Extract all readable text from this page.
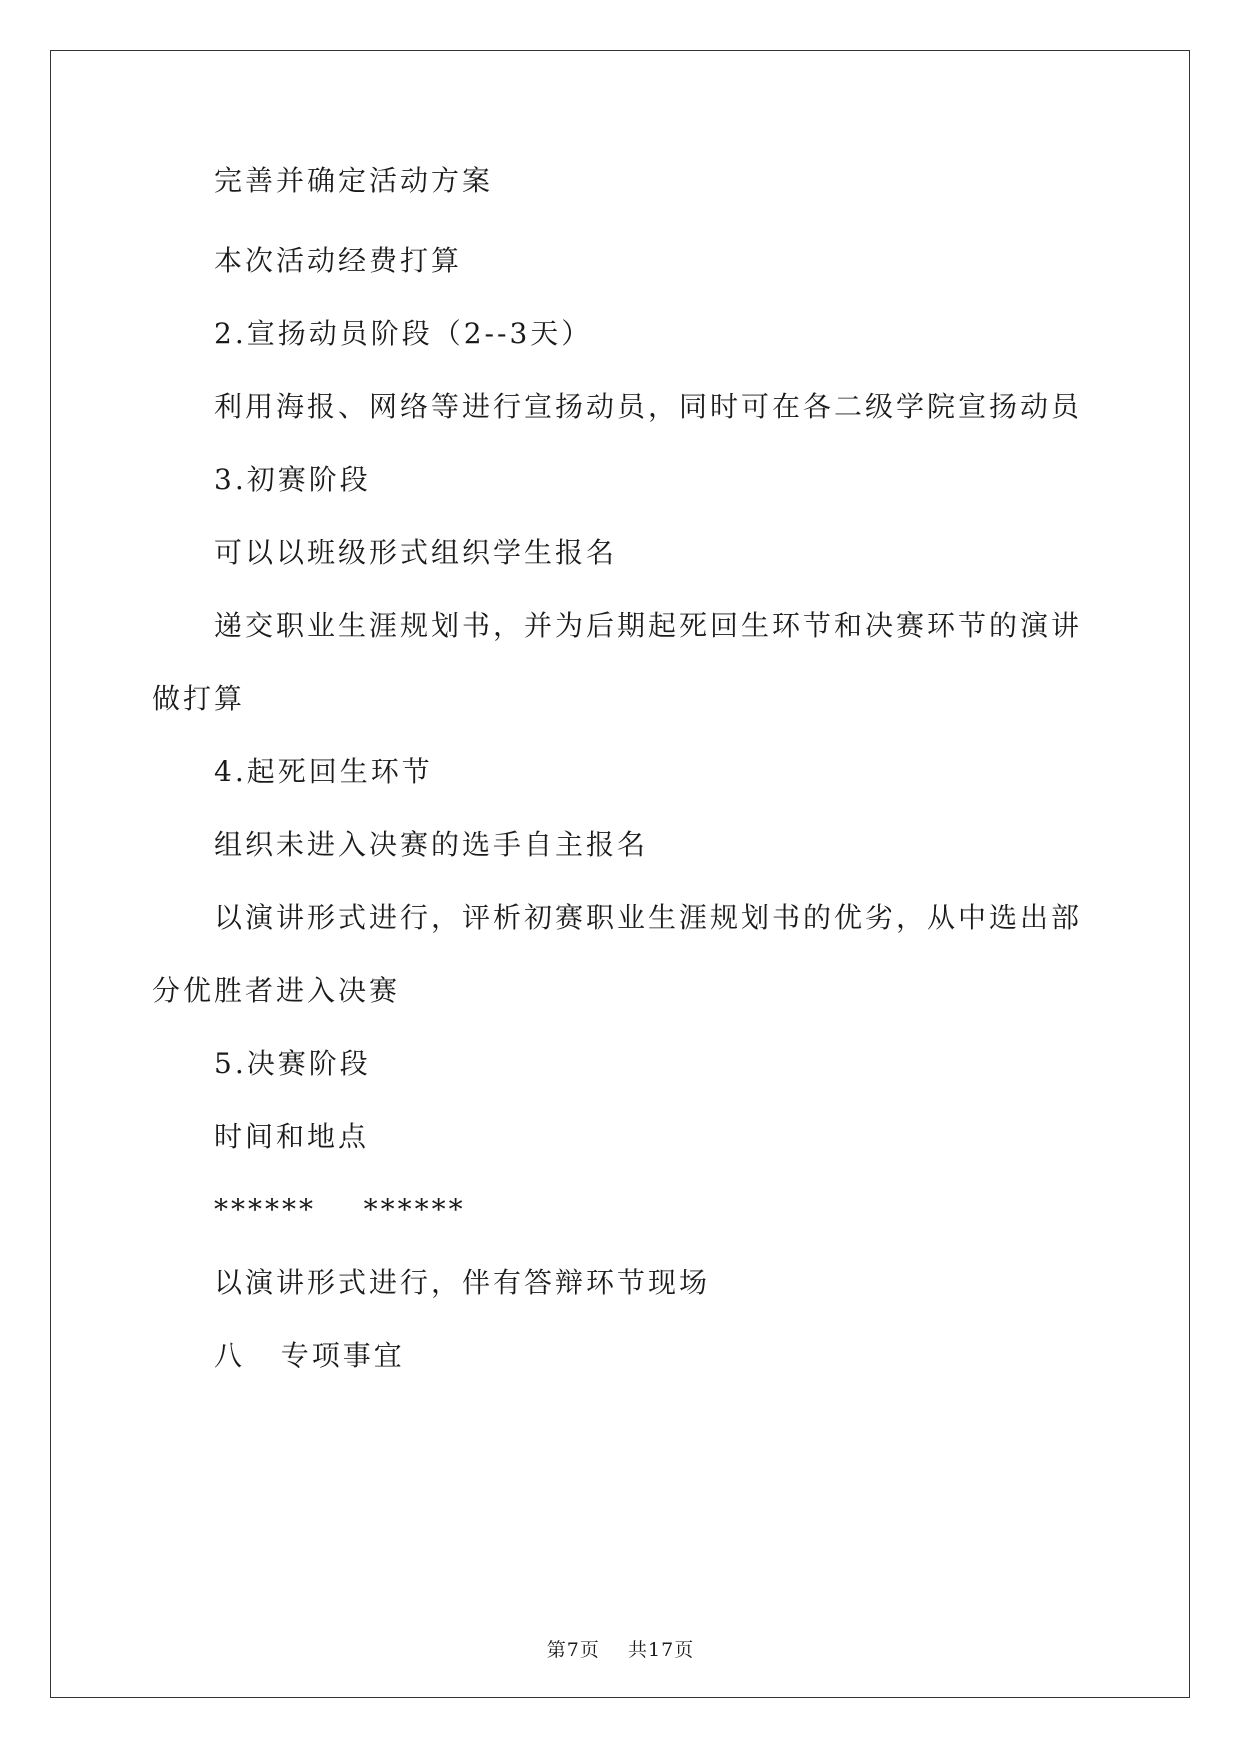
完善并确定活动方案
本次活动经费打算
2.宣扬动员阶段（2--3天）
利用海报、网络等进行宣扬动员，同时可在各二级学院宣扬动员
3.初赛阶段
可以以班级形式组织学生报名
递交职业生涯规划书，并为后期起死回生环节和决赛环节的演讲
做打算
4.起死回生环节
组织未进入决赛的选手自主报名
以演讲形式进行，评析初赛职业生涯规划书的优劣，从中选出部
分优胜者进入决赛
5.决赛阶段
时间和地点
******    ******
以演讲形式进行，伴有答辩环节现场
八   专项事宜
第7页 共17页
